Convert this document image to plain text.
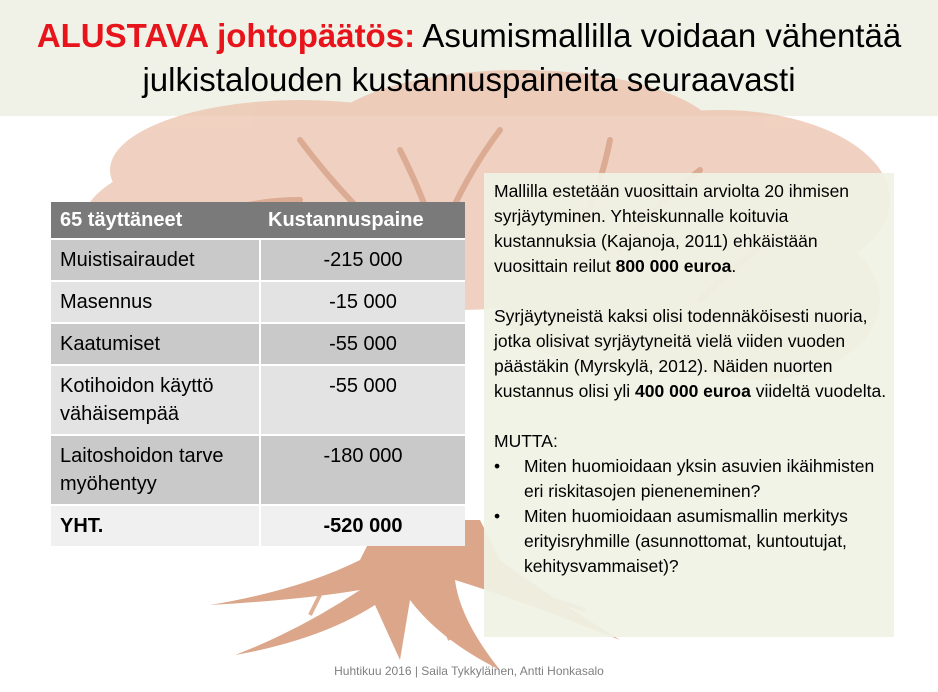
ALUSTAVA johtopäätös: Asumismallilla voidaan vähentää
julkistalouden kustannuspaineita seuraavasti
65 täyttäneet	Kustannuspaine
Muistisairaudet	-215 000
Masennus	-15 000
Kaatumiset	-55 000
Kotihoidon käyttö vähäisempää	-55 000
Laitoshoidon tarve myöhentyy	-180 000
YHT.	-520 000

Mallilla estetään vuosittain arviolta 20 ihmisen syrjäytyminen. Yhteiskunnalle koituvia kustannuksia (Kajanoja, 2011) ehkäistään vuosittain reilut 800 000 euroa.

Syrjäytyneistä kaksi olisi todennäköisesti nuoria, jotka olisivat syrjäytyneitä vielä viiden vuoden päästäkin (Myrskylä, 2012). Näiden nuorten kustannus olisi yli 400 000 euroa viideltä vuodelta.

MUTTA:
• Miten huomioidaan yksin asuvien ikäihmisten eri riskitasojen pieneneminen?
• Miten huomioidaan asumismallin merkitys erityisryhmille (asunnottomat, kuntoutujat, kehitysvammaiset)?
Huhtikuu 2016 | Saila Tykkyläinen, Antti Honkasalo
